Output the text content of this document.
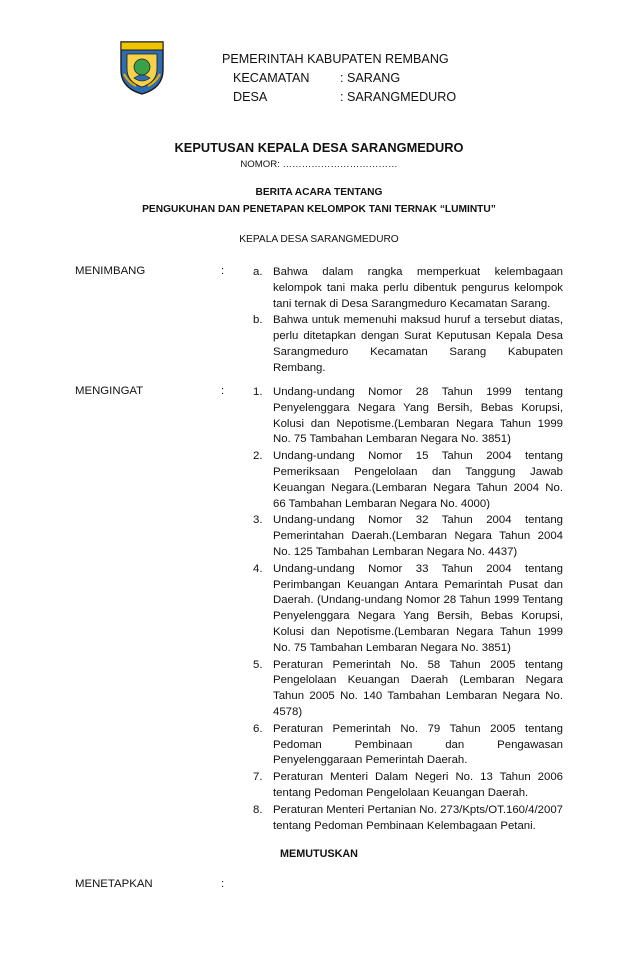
PEMERINTAH KABUPATEN REMBANG
KECAMATAN : SARANG
DESA	: SARANGMEDURO
KEPUTUSAN KEPALA DESA SARANGMEDURO
NOMOR: ………………………………
BERITA ACARA TENTANG
PENGUKUHAN DAN PENETAPAN KELOMPOK TANI TERNAK “LUMINTU”
KEPALA DESA SARANGMEDURO
MENIMBANG	:	a. Bahwa dalam rangka memperkuat kelembagaan kelompok tani maka perlu dibentuk pengurus kelompok tani ternak di Desa Sarangmeduro Kecamatan Sarang.
b. Bahwa untuk memenuhi maksud huruf a tersebut diatas, perlu ditetapkan dengan Surat Keputusan Kepala Desa Sarangmeduro Kecamatan Sarang Kabupaten Rembang.
MENGINGAT	:	1. Undang-undang Nomor 28 Tahun 1999 tentang Penyelenggara Negara Yang Bersih, Bebas Korupsi, Kolusi dan Nepotisme.(Lembaran Negara Tahun 1999 No. 75 Tambahan Lembaran Negara No. 3851)
2. Undang-undang Nomor 15 Tahun 2004 tentang Pemeriksaan Pengelolaan dan Tanggung Jawab Keuangan Negara.(Lembaran Negara Tahun 2004 No. 66 Tambahan Lembaran Negara No. 4000)
3. Undang-undang Nomor 32 Tahun 2004 tentang Pemerintahan Daerah.(Lembaran Negara Tahun 2004 No. 125 Tambahan Lembaran Negara No. 4437)
4. Undang-undang Nomor 33 Tahun 2004 tentang Perimbangan Keuangan Antara Pemarintah Pusat dan Daerah. (Undang-undang Nomor 28 Tahun 1999 Tentang Penyelenggara Negara Yang Bersih, Bebas Korupsi, Kolusi dan Nepotisme.(Lembaran Negara Tahun 1999 No. 75 Tambahan Lembaran Negara No. 3851)
5. Peraturan Pemerintah No. 58 Tahun 2005 tentang Pengelolaan Keuangan Daerah (Lembaran Negara Tahun 2005 No. 140 Tambahan Lembaran Negara No. 4578)
6. Peraturan Pemerintah No. 79 Tahun 2005 tentang Pedoman Pembinaan dan Pengawasan Penyelenggaraan Pemerintah Daerah.
7. Peraturan Menteri Dalam Negeri No. 13 Tahun 2006 tentang Pedoman Pengelolaan Keuangan Daerah.
8. Peraturan Menteri Pertanian No. 273/Kpts/OT.160/4/2007 tentang Pedoman Pembinaan Kelembagaan Petani.
MEMUTUSKAN
MENETAPKAN	:
